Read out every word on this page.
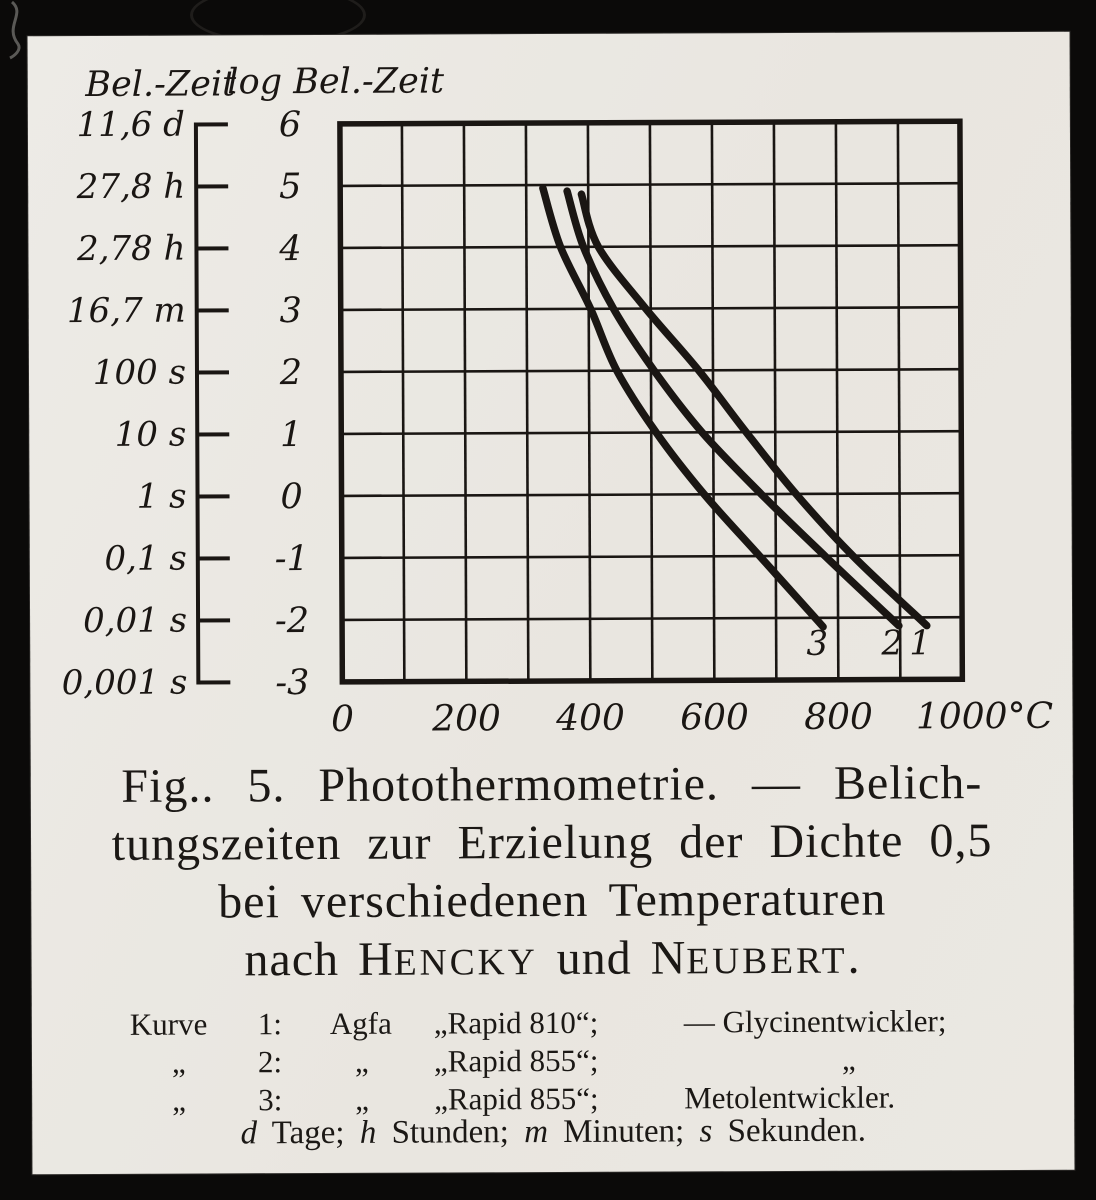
Bel.-Zeit
log Bel.-Zeit
11,6 d	6
27,8 h	5
2,78 h	4
16,7 m	3
100 s	2
10 s	1
1 s	0
0,1 s	-1
0,01 s	-2
0,001 s	-3
0 200 400 600 800 1000°C
1
2
3
Fig.. 5. Photothermometrie. — Belich-
tungszeiten zur Erzielung der Dichte 0,5
bei verschiedenen Temperaturen
nach HENCKY und NEUBERT.
Kurve	1:	Agfa	„Rapid 810“;	— Glycinentwickler;
„	2:	„	„Rapid 855“;	„
„	3:	„	„Rapid 855“;	Metolentwickler.
d Tage; h Stunden; m Minuten; s Sekunden.
